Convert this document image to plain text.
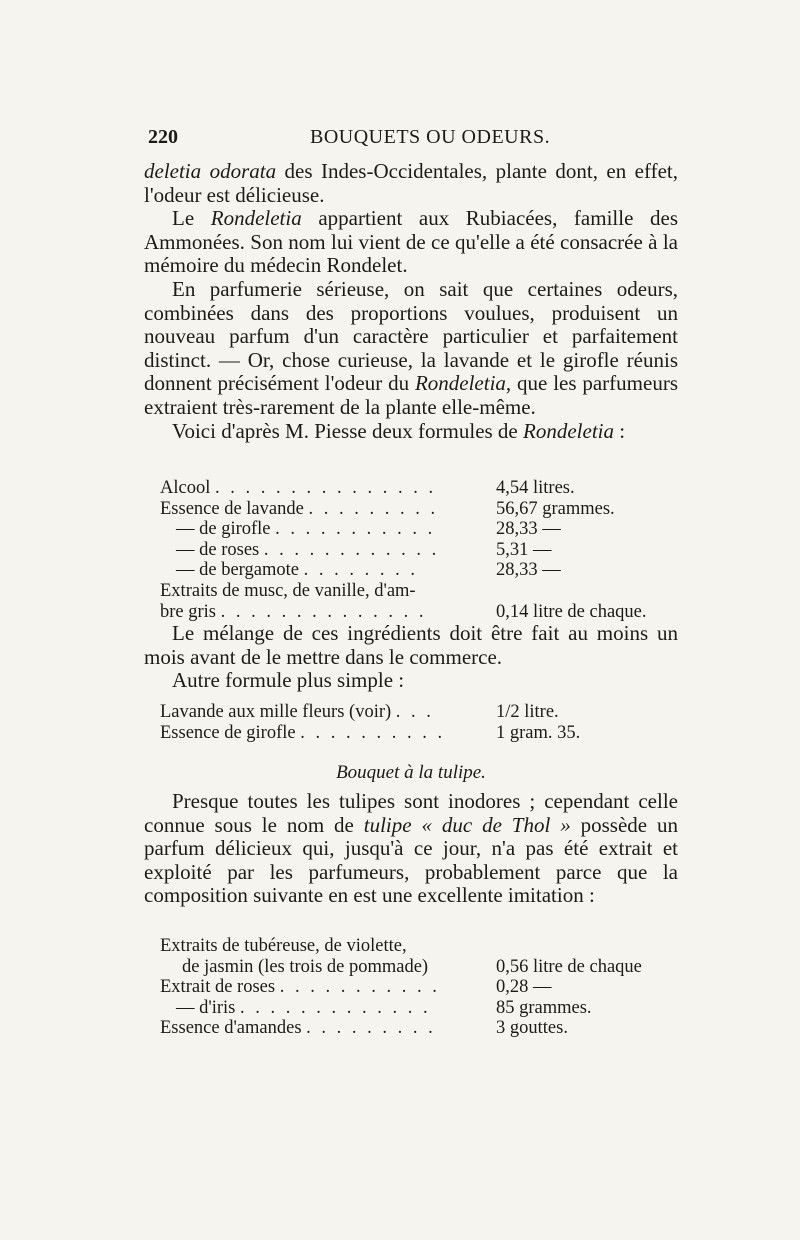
220	BOUQUETS OU ODEURS.

deletia odorata des Indes-Occidentales, plante dont, en effet, l'odeur est délicieuse.

Le Rondeletia appartient aux Rubiacées, famille des Ammonées. Son nom lui vient de ce qu'elle a été consacrée à la mémoire du médecin Rondelet.

En parfumerie sérieuse, on sait que certaines odeurs, combinées dans des proportions voulues, produisent un nouveau parfum d'un caractère particulier et parfaitement distinct. — Or, chose curieuse, la lavande et le girofle réunis donnent précisément l'odeur du Rondeletia, que les parfumeurs extraient très-rarement de la plante elle-même.

Voici d'après M. Piesse deux formules de Rondeletia :

Alcool . . . . . . . . . . . . . . .	4,54 litres.
Essence de lavande . . . . . . . . .	56,67 grammes.
— de girofle . . . . . . . . . . .	28,33 —
— de roses . . . . . . . . . . . .	5,31 —
— de bergamote . . . . . . . .	28,33 —
Extraits de musc, de vanille, d'am-
bre gris . . . . . . . . . . . . . .	0,14 litre de chaque.

Le mélange de ces ingrédients doit être fait au moins un mois avant de le mettre dans le commerce.

Autre formule plus simple :

Lavande aux mille fleurs (voir) . . .	1/2 litre.
Essence de girofle . . . . . . . . . .	1 gram. 35.
Bouquet à la tulipe.

Presque toutes les tulipes sont inodores ; cependant celle connue sous le nom de tulipe « duc de Thol » possède un parfum délicieux qui, jusqu'à ce jour, n'a pas été extrait et exploité par les parfumeurs, probablement parce que la composition suivante en est une excellente imitation :

Extraits de tubéreuse, de violette,
de jasmin (les trois de pommade)	0,56 litre de chaque
Extrait de roses . . . . . . . . . . .	0,28 —
— d'iris . . . . . . . . . . . . .	85 grammes.
Essence d'amandes . . . . . . . . .	3 gouttes.
